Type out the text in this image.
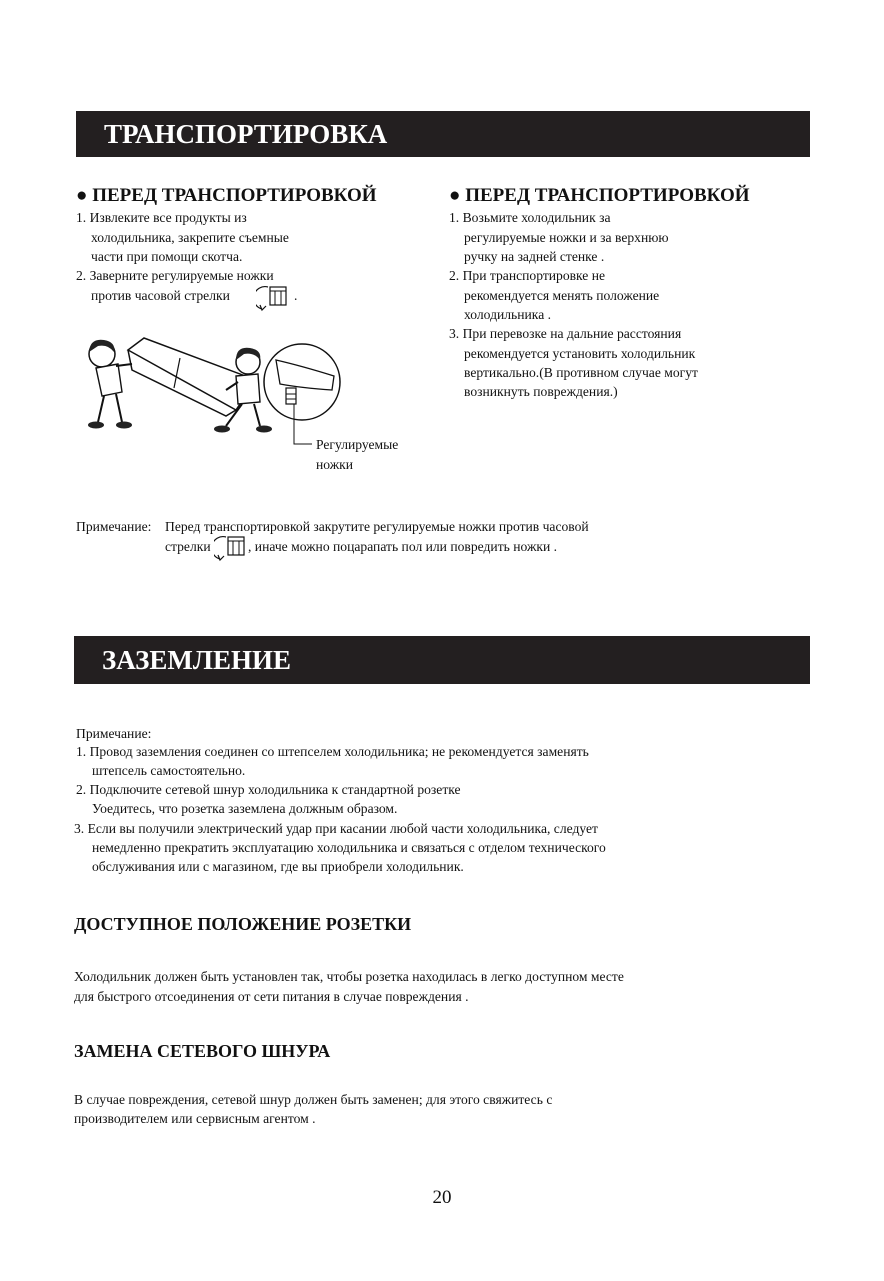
ТРАНСПОРТИРОВКА
● ПЕРЕД ТРАНСПОРТИРОВКОЙ
1. Извлеките все продукты из
холодильника, закрепите съемные
части при помощи скотча.
2. Заверните регулируемые ножки
против часовой стрелки	.
● ПЕРЕД ТРАНСПОРТИРОВКОЙ
1. Возьмите холодильник за
регулируемые ножки и за верхнюю
ручку на задней стенке .
2. При транспортировке не
рекомендуется менять положение
холодильника .
3. При перевозке на дальние расстояния
рекомендуется установить холодильник
вертикально.(В противном случае могут
возникнуть повреждения.)
Регулируемые
ножки
Примечание: Перед транспортировкой закрутите регулируемые ножки против часовой
стрелки	, иначе можно поцарапать пол или повредить ножки .
ЗАЗЕМЛЕНИЕ
Примечание:
1. Провод заземления соединен со штепселем холодильника; не рекомендуется заменять
штепсель самостоятельно.
2. Подключите сетевой шнур холодильника к стандартной розетке
Уоедитесь, что розетка заземлена должным образом.
3. Если вы получили электрический удар при касании любой части холодильника, следует
немедленно прекратить эксплуатацию холодильника и связаться с отделом технического
обслуживания или с магазином, где вы приобрели холодильник.
ДОСТУПНОЕ ПОЛОЖЕНИЕ РОЗЕТКИ
Холодильник должен быть установлен так, чтобы розетка находилась в легко доступном месте
для быстрого отсоединения от сети питания в случае повреждения .
ЗАМЕНА СЕТЕВОГО ШНУРА
В случае повреждения, сетевой шнур должен быть заменен; для этого свяжитесь с
производителем или сервисным агентом .
20
